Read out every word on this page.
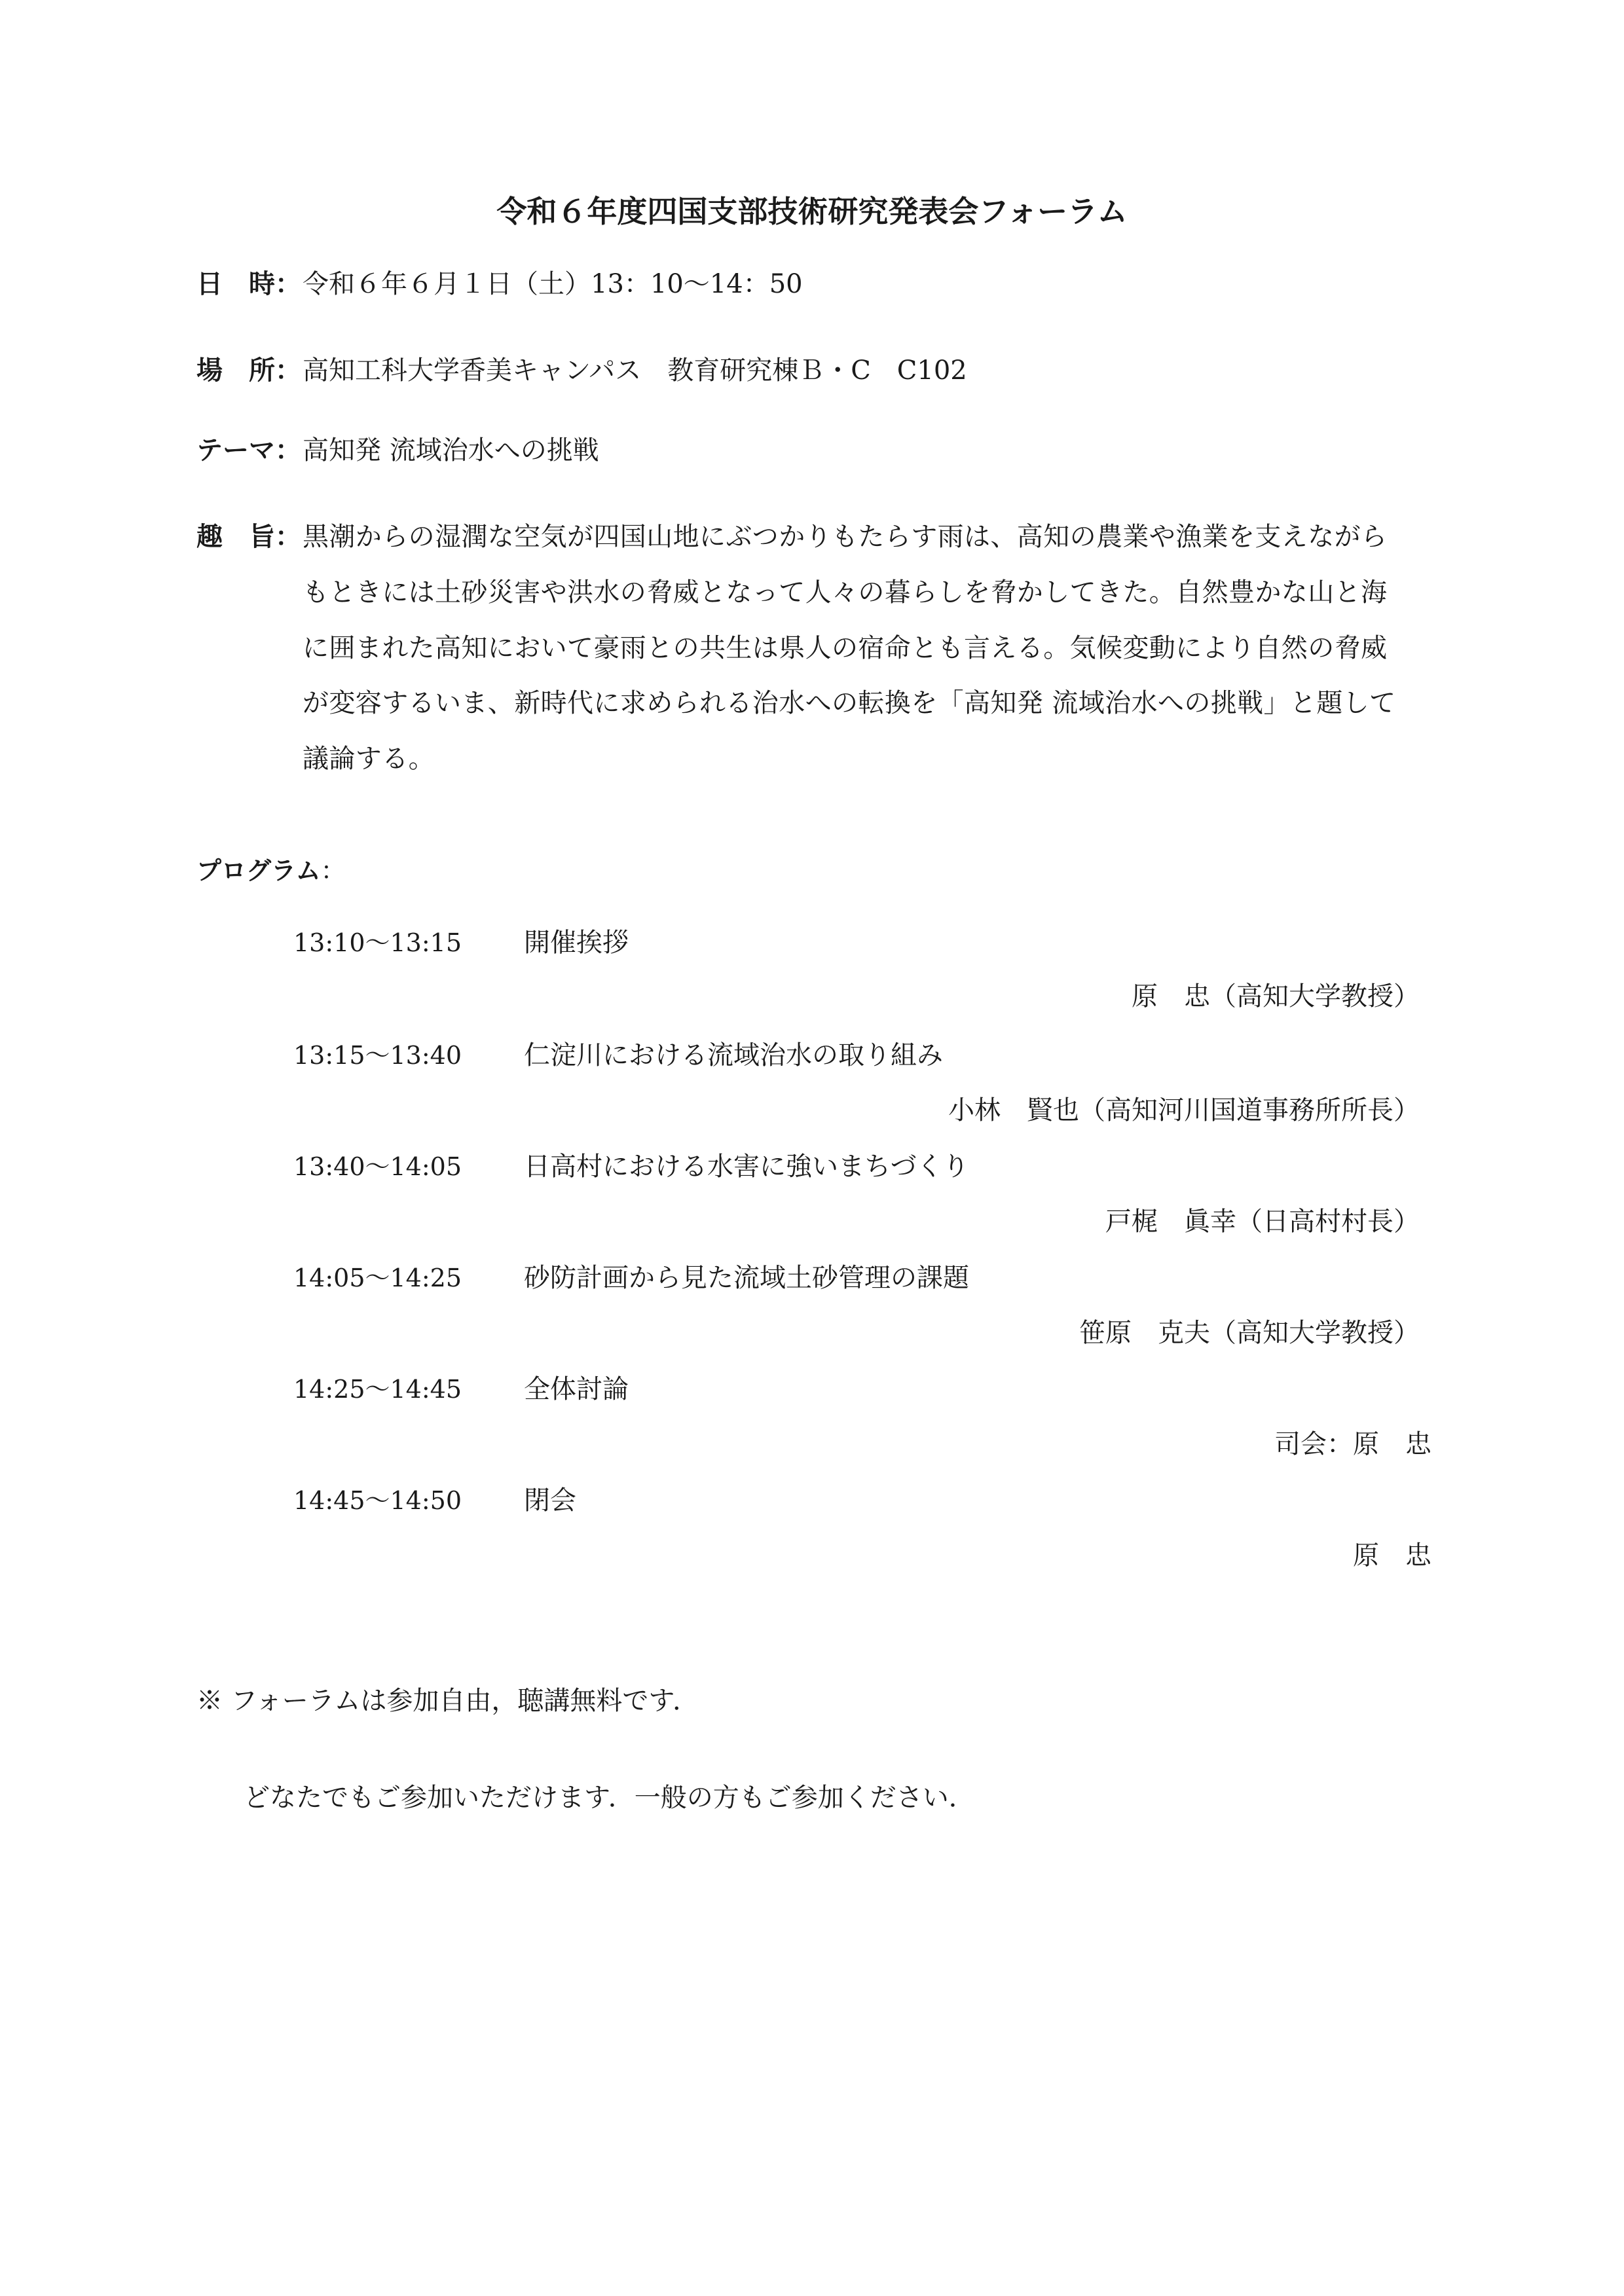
令和６年度四国支部技術研究発表会フォーラム
日　時： 令和６年６月１日（土）13：10〜14：50
場　所： 高知工科大学香美キャンパス　教育研究棟Ｂ・C　C102
テーマ： 高知発 流域治水への挑戦
趣　旨： 黒潮からの湿潤な空気が四国山地にぶつかりもたらす雨は、高知の農業や漁業を支えながら
もときには土砂災害や洪水の脅威となって人々の暮らしを脅かしてきた。自然豊かな山と海
に囲まれた高知において豪雨との共生は県人の宿命とも言える。気候変動により自然の脅威
が変容するいま、新時代に求められる治水への転換を「高知発 流域治水への挑戦」と題して
議論する。
プログラム：
13:10〜13:15 開催挨拶
原　忠（高知大学教授）
13:15〜13:40 仁淀川における流域治水の取り組み
小林　賢也（高知河川国道事務所所長）
13:40〜14:05 日高村における水害に強いまちづくり
戸梶　眞幸（日高村村長）
14:05〜14:25 砂防計画から見た流域土砂管理の課題
笹原　克夫（高知大学教授）
14:25〜14:45 全体討論
司会：原　忠
14:45〜14:50 閉会
原　忠
※ フォーラムは参加自由，聴講無料です．
どなたでもご参加いただけます．一般の方もご参加ください．
